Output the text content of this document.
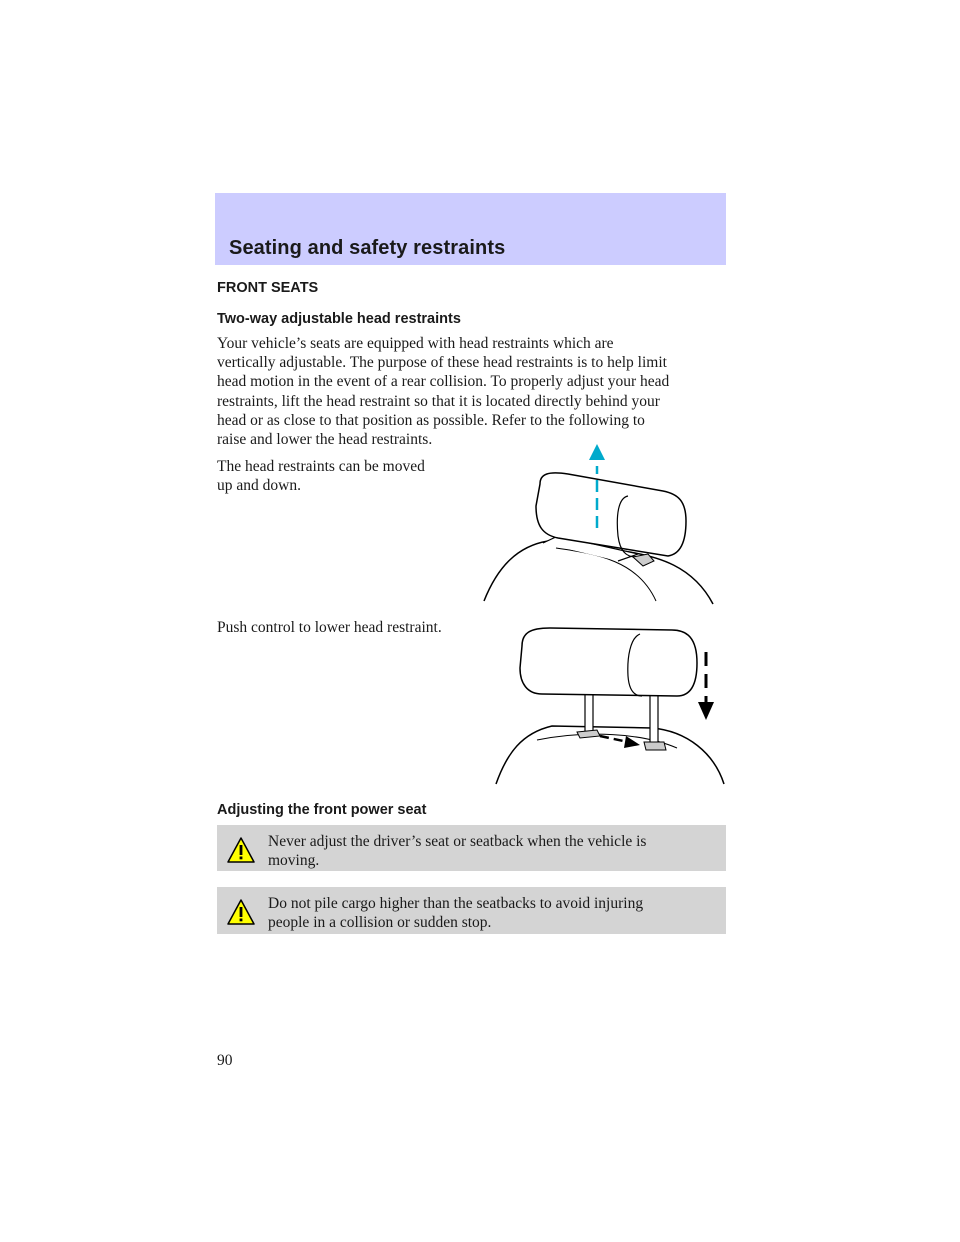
Seating and safety restraints
FRONT SEATS
Two-way adjustable head restraints
Your vehicle’s seats are equipped with head restraints which are
vertically adjustable. The purpose of these head restraints is to help limit
head motion in the event of a rear collision. To properly adjust your head
restraints, lift the head restraint so that it is located directly behind your
head or as close to that position as possible. Refer to the following to
raise and lower the head restraints.
The head restraints can be moved
up and down.
Push control to lower head restraint.
Adjusting the front power seat
Never adjust the driver’s seat or seatback when the vehicle is
moving.
Do not pile cargo higher than the seatbacks to avoid injuring
people in a collision or sudden stop.
90
